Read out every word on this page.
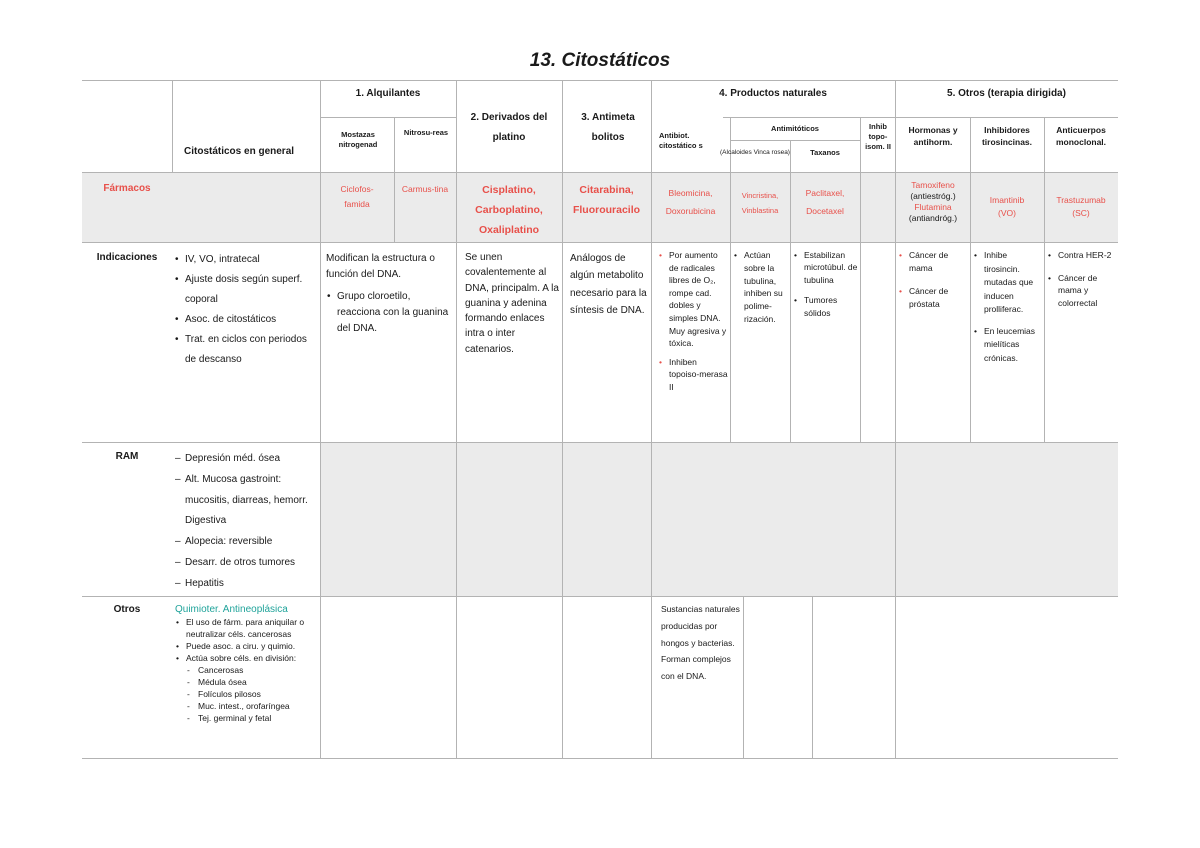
13. Citostáticos
Citostáticos en general
1. Alquilantes
Mostazas nitrogenad
Nitrosu-reas
2. Derivados del platino
3. Antimeta bolitos
4. Productos naturales
Antibiot. citostático s
Antimitóticos
(Alcaloides Vinca rosea)	Taxanos
Inhib topo-isom. II
5. Otros (terapia dirigida)
Hormonas y antihorm.
Inhibidores tirosincinas.
Anticuerpos monoclonal.
Fármacos
Indicaciones
RAM
Otros
Ciclofos-famida
Carmus-tina	Cisplatino,
Carboplatino,
Oxaliplatino
Citarabina,
Fluorouracilo
Bleomicina,
Doxorubicina
Vincristina,
Vinblastina
Paclitaxel,
Docetaxel
Tamoxifeno
(antiestróg.)
Flutamina
(antiandróg.)
Imantinib
(VO)
Trastuzumab
(SC)
• IV, VO, intratecal
• Ajuste dosis según superf. coporal
• Asoc. de citostáticos
• Trat. en ciclos con periodos de descanso
Modifican la estructura o función del DNA.
• Grupo cloroetilo, reacciona con la guanina del DNA.
Se unen covalentemente al DNA, principalm. A la guanina y adenina formando enlaces intra o inter catenarios.
Análogos de algún metabolito necesario para la síntesis de DNA.
• Por aumento de radicales libres de O₂, rompe cad. dobles y simples DNA. Muy agresiva y tóxica.
• Inhiben topoiso-merasa II
• Actúan sobre la tubulina, inhiben su polime-rización.
• Estabilizan microtúbul. de tubulina
• Tumores sólidos
• Cáncer de mama
• Cáncer de próstata
• Inhibe tirosincin. mutadas que inducen prolliferac.
• En leucemias mielíticas crónicas.
• Contra HER-2
• Cáncer de mama y colorrectal
– Depresión méd. ósea
– Alt. Mucosa gastroint: mucositis, diarreas, hemorr. Digestiva
– Alopecia: reversible
– Desarr. de otros tumores
– Hepatitis
Quimioter. Antineoplásica
• El uso de fárm. para aniquilar o neutralizar céls. cancerosas
• Puede asoc. a ciru. y quimio.
• Actúa sobre céls. en división:
- Cancerosas
- Médula ósea
- Folículos pilosos
- Muc. intest., orofaríngea
- Tej. germinal y fetal
Sustancias naturales producidas por hongos y bacterias. Forman complejos con el DNA.
